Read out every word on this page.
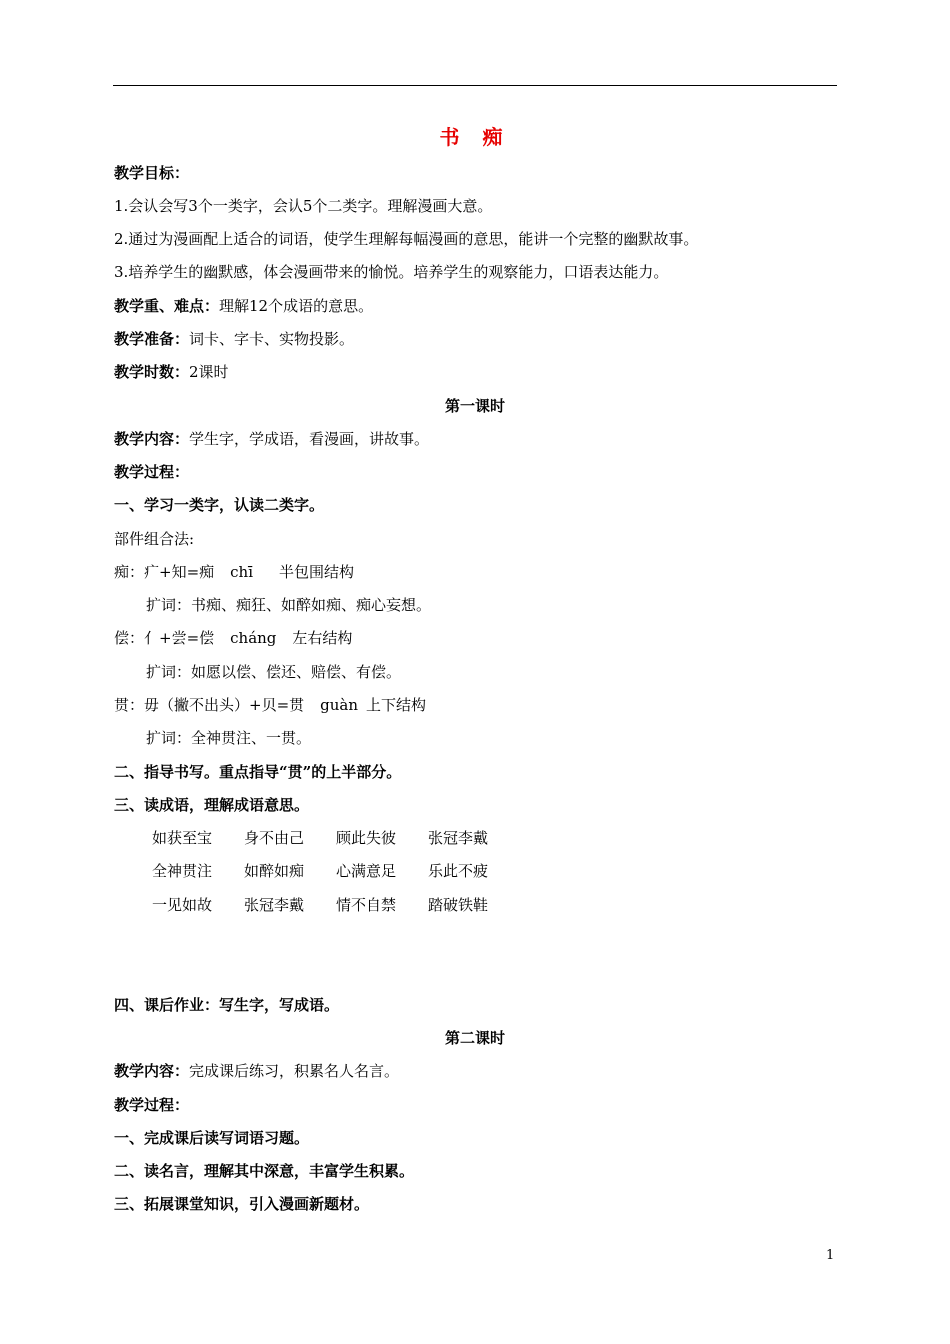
书 痴
教学目标：
1.会认会写3个一类字，会认5个二类字。理解漫画大意。
2.通过为漫画配上适合的词语，使学生理解每幅漫画的意思，能讲一个完整的幽默故事。
3.培养学生的幽默感，体会漫画带来的愉悦。培养学生的观察能力，口语表达能力。
教学重、难点：理解12个成语的意思。
教学准备：词卡、字卡、实物投影。
教学时数：2课时
第一课时
教学内容：学生字，学成语，看漫画，讲故事。
教学过程：
一、学习一类字，认读二类字。
部件组合法:
痴：疒+知=痴 chī 半包围结构
扩词：书痴、痴狂、如醉如痴、痴心妄想。
偿：亻+尝=偿 cháng 左右结构
扩词：如愿以偿、偿还、赔偿、有偿。
贯：毋（撇不出头）+贝=贯 guàn 上下结构
扩词：全神贯注、一贯。
二、指导书写。重点指导“贯”的上半部分。
三、读成语，理解成语意思。
如获至宝 身不由己 顾此失彼 张冠李戴
全神贯注 如醉如痴 心满意足 乐此不疲
一见如故 张冠李戴 情不自禁 踏破铁鞋
四、课后作业：写生字，写成语。
第二课时
教学内容：完成课后练习，积累名人名言。
教学过程：
一、完成课后读写词语习题。
二、读名言，理解其中深意，丰富学生积累。
三、拓展课堂知识，引入漫画新题材。
1
